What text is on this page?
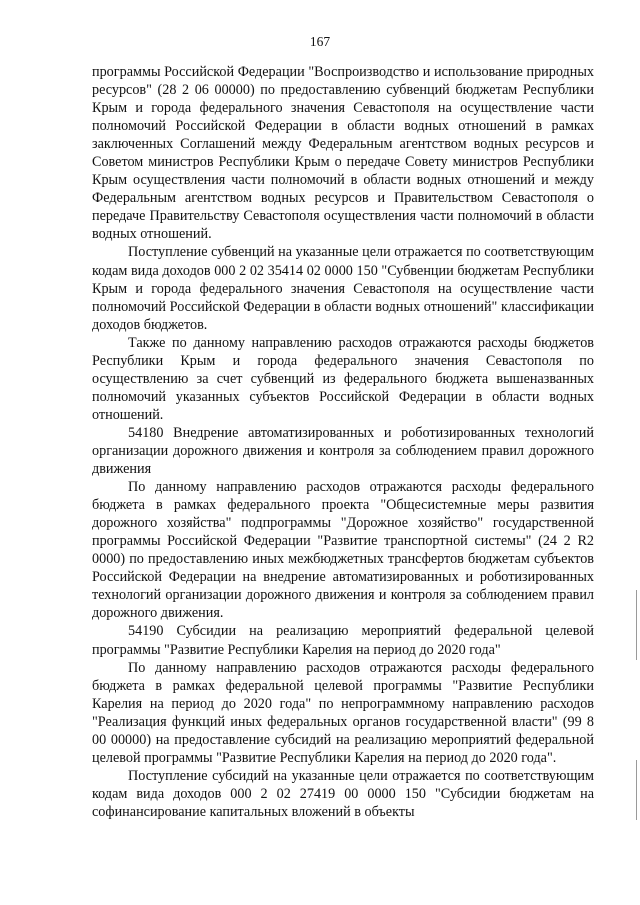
167

программы Российской Федерации "Воспроизводство и использование природных ресурсов" (28 2 06 00000) по предоставлению субвенций бюджетам Республики Крым и города федерального значения Севастополя на осуществление части полномочий Российской Федерации в области водных отношений в рамках заключенных Соглашений между Федеральным агентством водных ресурсов и Советом министров Республики Крым о передаче Совету министров Республики Крым осуществления части полномочий в области водных отношений и между Федеральным агентством водных ресурсов и Правительством Севастополя о передаче Правительству Севастополя осуществления части полномочий в области водных отношений.

Поступление субвенций на указанные цели отражается по соответствующим кодам вида доходов 000 2 02 35414 02 0000 150 "Субвенции бюджетам Республики Крым и города федерального значения Севастополя на осуществление части полномочий Российской Федерации в области водных отношений" классификации доходов бюджетов.

Также по данному направлению расходов отражаются расходы бюджетов Республики Крым и города федерального значения Севастополя по осуществлению за счет субвенций из федерального бюджета вышеназванных полномочий указанных субъектов Российской Федерации в области водных отношений.

54180 Внедрение автоматизированных и роботизированных технологий организации дорожного движения и контроля за соблюдением правил дорожного движения

По данному направлению расходов отражаются расходы федерального бюджета в рамках федерального проекта "Общесистемные меры развития дорожного хозяйства" подпрограммы "Дорожное хозяйство" государственной программы Российской Федерации "Развитие транспортной системы" (24 2 R2 0000) по предоставлению иных межбюджетных трансфертов бюджетам субъектов Российской Федерации на внедрение автоматизированных и роботизированных технологий организации дорожного движения и контроля за соблюдением правил дорожного движения.

54190 Субсидии на реализацию мероприятий федеральной целевой программы "Развитие Республики Карелия на период до 2020 года"

По данному направлению расходов отражаются расходы федерального бюджета в рамках федеральной целевой программы "Развитие Республики Карелия на период до 2020 года" по непрограммному направлению расходов "Реализация функций иных федеральных органов государственной власти" (99 8 00 00000) на предоставление субсидий на реализацию мероприятий федеральной целевой программы "Развитие Республики Карелия на период до 2020 года".

Поступление субсидий на указанные цели отражается по соответствующим кодам вида доходов 000 2 02 27419 00 0000 150 "Субсидии бюджетам на софинансирование капитальных вложений в объекты
